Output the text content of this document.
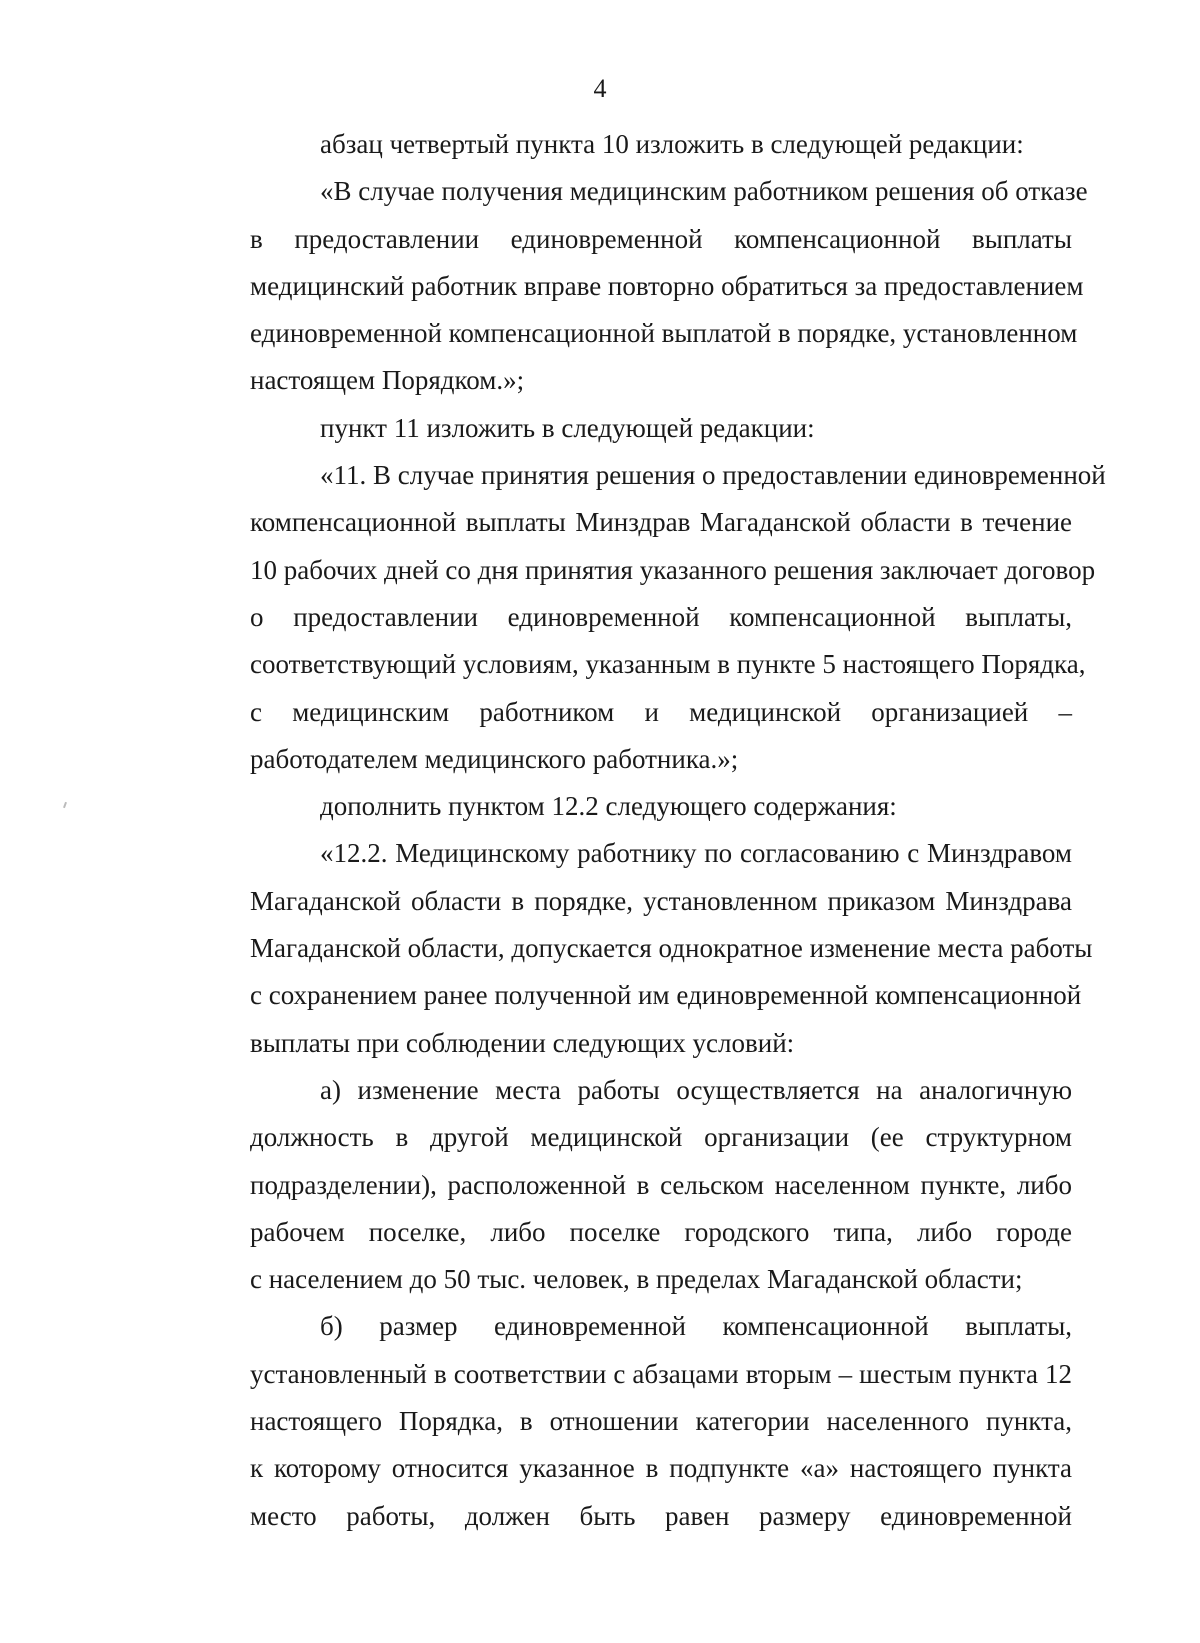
4
абзац четвертый пункта 10 изложить в следующей редакции:
«В случае получения медицинским работником решения об отказе
в предоставлении единовременной компенсационной выплаты
медицинский работник вправе повторно обратиться за предоставлением
единовременной компенсационной выплатой в порядке, установленном
настоящем Порядком.»;
пункт 11 изложить в следующей редакции:
«11. В случае принятия решения о предоставлении единовременной
компенсационной выплаты Минздрав Магаданской области в течение
10 рабочих дней со дня принятия указанного решения заключает договор
о предоставлении единовременной компенсационной выплаты,
соответствующий условиям, указанным в пункте 5 настоящего Порядка,
с медицинским работником и медицинской организацией –
работодателем медицинского работника.»;
дополнить пунктом 12.2 следующего содержания:
«12.2. Медицинскому работнику по согласованию с Минздравом
Магаданской области в порядке, установленном приказом Минздрава
Магаданской области, допускается однократное изменение места работы
с сохранением ранее полученной им единовременной компенсационной
выплаты при соблюдении следующих условий:
а) изменение места работы осуществляется на аналогичную
должность в другой медицинской организации (ее структурном
подразделении), расположенной в сельском населенном пункте, либо
рабочем поселке, либо поселке городского типа, либо городе
с населением до 50 тыс. человек, в пределах Магаданской области;
б) размер единовременной компенсационной выплаты,
установленный в соответствии с абзацами вторым – шестым пункта 12
настоящего Порядка, в отношении категории населенного пункта,
к которому относится указанное в подпункте «а» настоящего пункта
место работы, должен быть равен размеру единовременной
